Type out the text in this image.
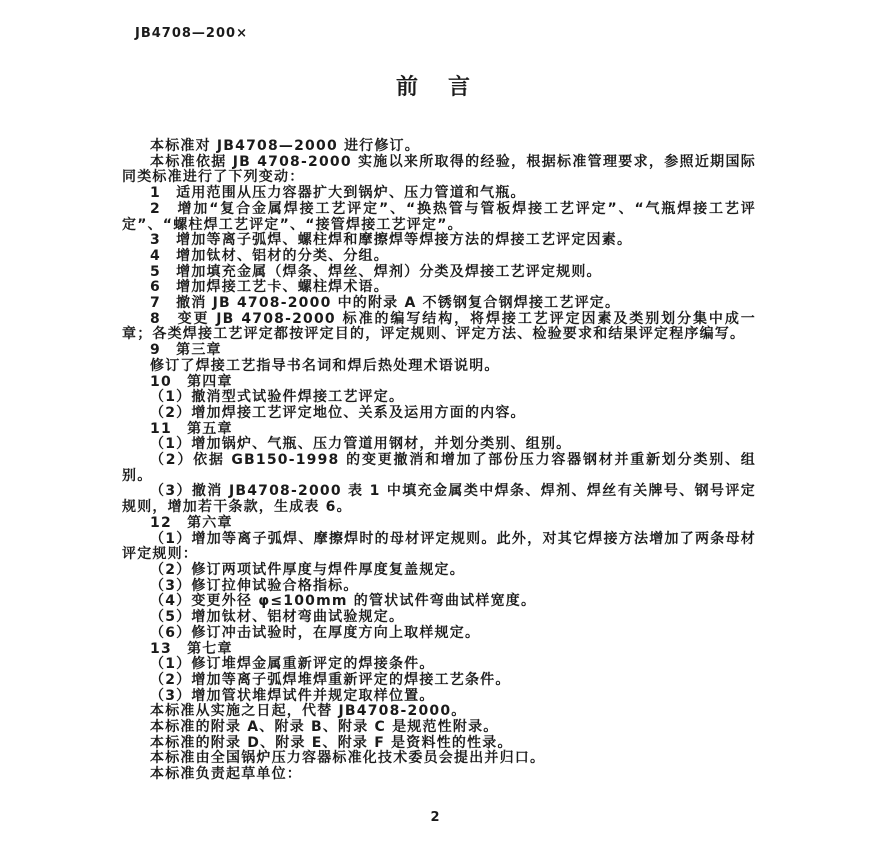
JB4708—200×
前　言

本标准对 JB4708—2000 进行修订。

本标准依据 JB 4708-2000 实施以来所取得的经验，根据标准管理要求，参照近期国际同类标准进行了下列变动：

1　适用范围从压力容器扩大到锅炉、压力管道和气瓶。

2　增加“复合金属焊接工艺评定”、“换热管与管板焊接工艺评定”、“气瓶焊接工艺评定”、“螺柱焊工艺评定”、“接管焊接工艺评定”。

3　增加等离子弧焊、螺柱焊和摩擦焊等焊接方法的焊接工艺评定因素。

4　增加钛材、铝材的分类、分组。

5　增加填充金属（焊条、焊丝、焊剂）分类及焊接工艺评定规则。

6　增加焊接工艺卡、螺柱焊术语。

7　撤消 JB 4708-2000 中的附录 A 不锈钢复合钢焊接工艺评定。

8　变更 JB 4708-2000 标准的编写结构，将焊接工艺评定因素及类别划分集中成一章；各类焊接工艺评定都按评定目的，评定规则、评定方法、检验要求和结果评定程序编写。

9　第三章

修订了焊接工艺指导书名词和焊后热处理术语说明。

10　第四章

（1）撤消型式试验件焊接工艺评定。

（2）增加焊接工艺评定地位、关系及运用方面的内容。

11　第五章

（1）增加锅炉、气瓶、压力管道用钢材，并划分类别、组别。

（2）依据 GB150-1998 的变更撤消和增加了部份压力容器钢材并重新划分类别、组别。

（3）撤消 JB4708-2000 表 1 中填充金属类中焊条、焊剂、焊丝有关牌号、钢号评定规则，增加若干条款，生成表 6。

12　第六章

（1）增加等离子弧焊、摩擦焊时的母材评定规则。此外，对其它焊接方法增加了两条母材评定规则：

（2）修订两项试件厚度与焊件厚度复盖规定。

（3）修订拉伸试验合格指标。

（4）变更外径 φ≤100mm 的管状试件弯曲试样宽度。

（5）增加钛材、铝材弯曲试验规定。

（6）修订冲击试验时，在厚度方向上取样规定。

13　第七章

（1）修订堆焊金属重新评定的焊接条件。

（2）增加等离子弧焊堆焊重新评定的焊接工艺条件。

（3）增加管状堆焊试件并规定取样位置。

本标准从实施之日起，代替 JB4708-2000。

本标准的附录 A、附录 B、附录 C 是规范性附录。

本标准的附录 D、附录 E、附录 F 是资料性的性录。

本标准由全国锅炉压力容器标准化技术委员会提出并归口。

本标准负责起草单位：

2
